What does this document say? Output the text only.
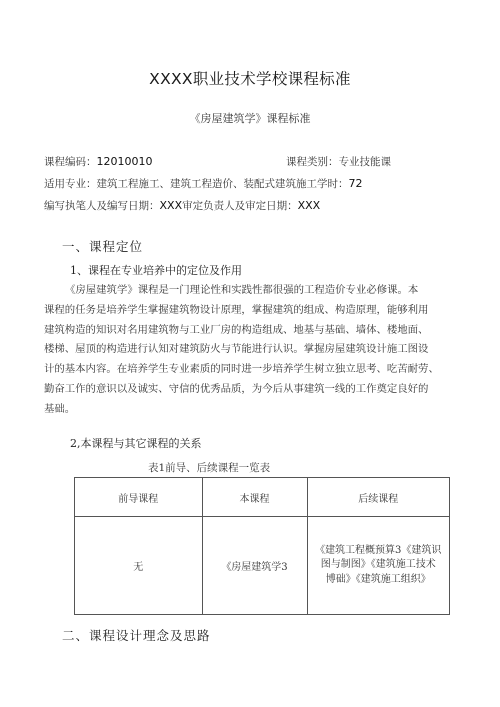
XXXX职业技术学校课程标准
《房屋建筑学》课程标准
课程编码：12010010	课程类别：专业技能课
适用专业：建筑工程施工、建筑工程造价、装配式建筑施工学时：72
编写执笔人及编写日期：XXX审定负责人及审定日期：XXX
一、课程定位
1、课程在专业培养中的定位及作用
《房屋建筑学》课程是一门理论性和实践性都很强的工程造价专业必修课。本
课程的任务是培养学生掌握建筑物设计原理，掌握建筑的组成、构造原理，能够利用
建筑构造的知识对名用建筑物与工业厂房的构造组成、地基与基础、墙体、楼地面、
楼梯、屋顶的构造进行认知对建筑防火与节能进行认识。掌握房屋建筑设计施工图设
计的基本内容。在培养学生专业素质的同时进一步培养学生树立独立思考、吃苦耐劳、
勤奋工作的意识以及诚实、守信的优秀品质，为今后从事建筑一线的工作奠定良好的
基础。
2,本课程与其它课程的关系
表1前导、后续课程一览表
前导课程	本课程	后续课程
无	《房屋建筑学3	《建筑工程概预算3《建筑识
图与制图》《建筑施工技术
博础》《建筑施工组织》
二、课程设计理念及思路
